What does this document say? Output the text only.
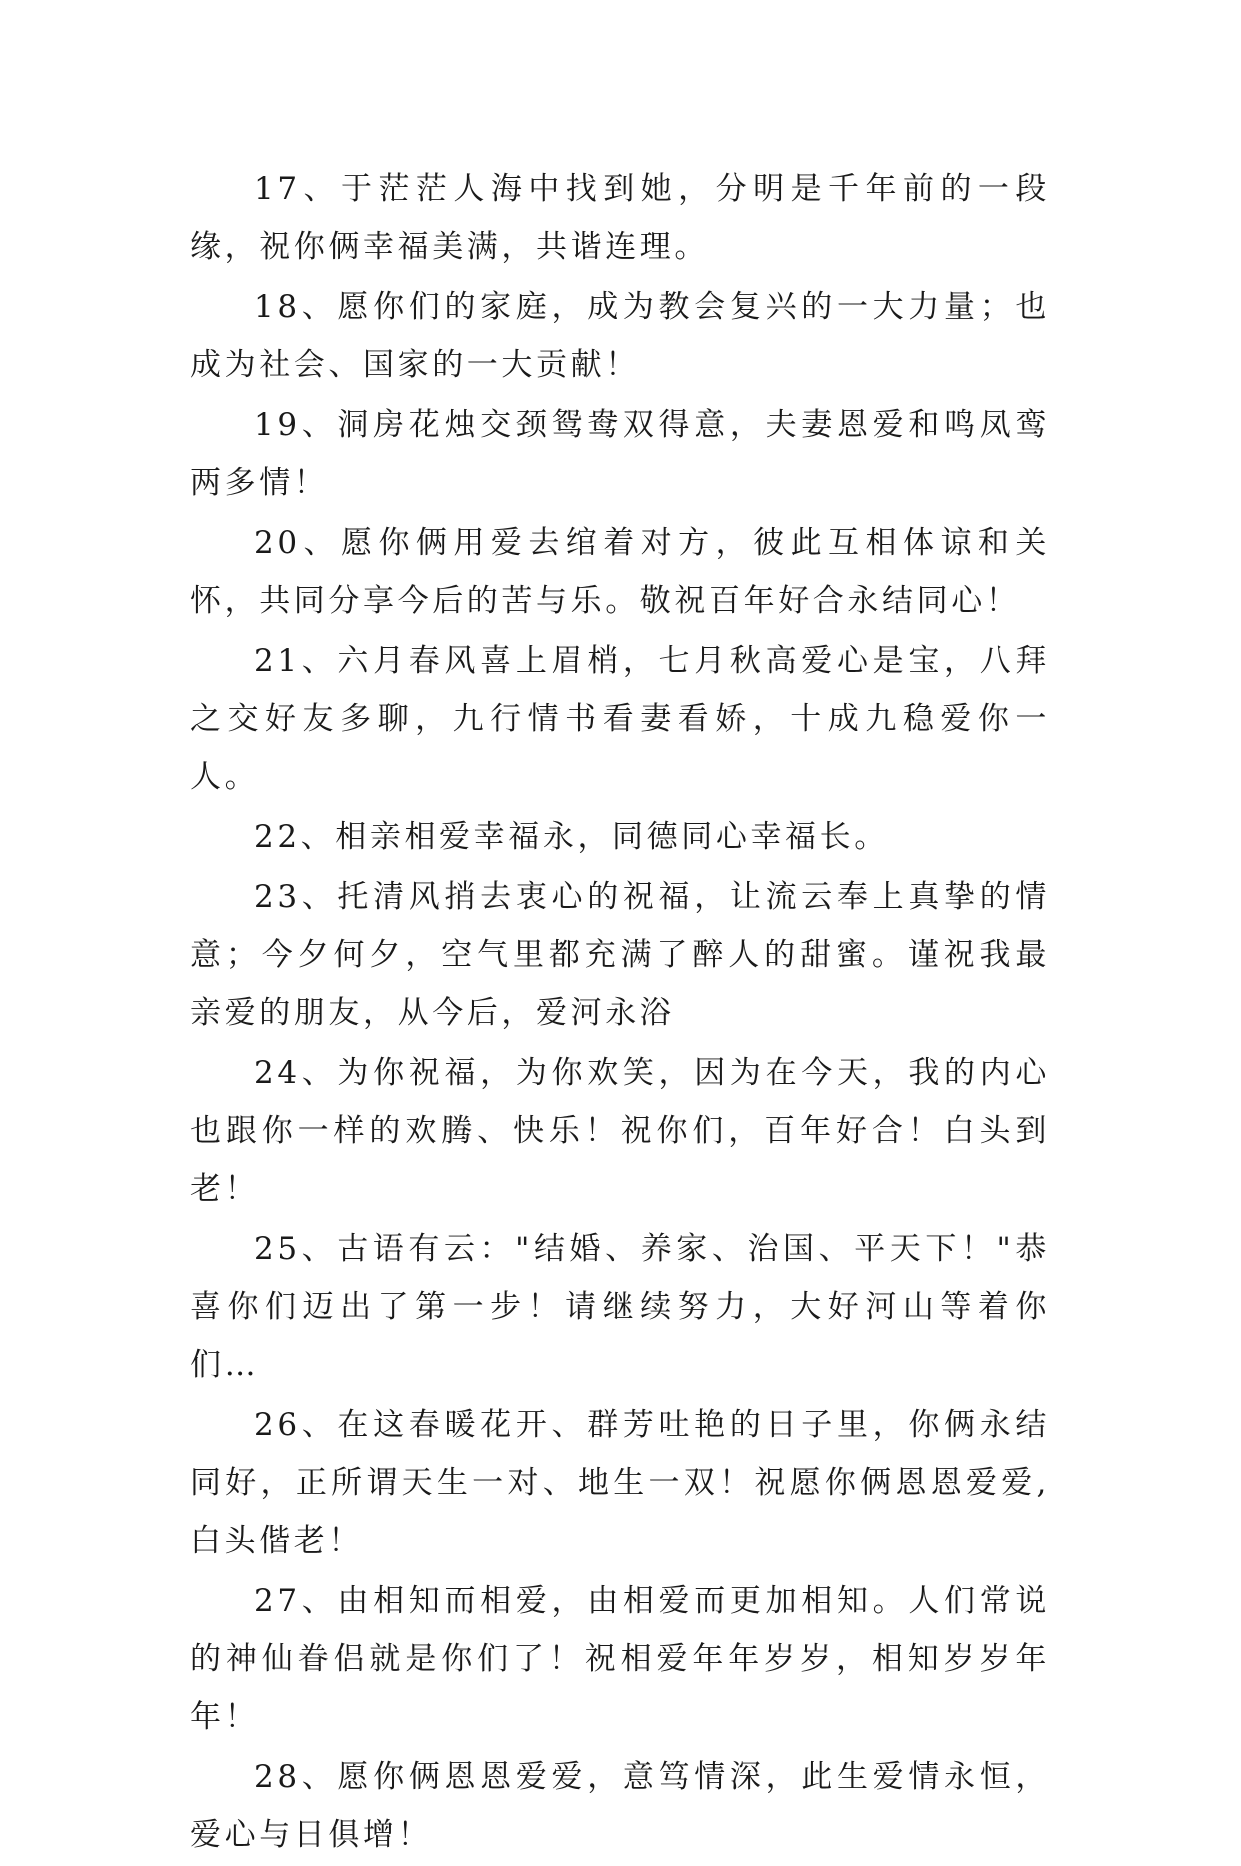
17、于茫茫人海中找到她，分明是千年前的一段缘，祝你俩幸福美满，共谐连理。

18、愿你们的家庭，成为教会复兴的一大力量；也成为社会、国家的一大贡献！

19、洞房花烛交颈鸳鸯双得意，夫妻恩爱和鸣凤鸾两多情！

20、愿你俩用爱去绾着对方，彼此互相体谅和关怀，共同分享今后的苦与乐。敬祝百年好合永结同心！

21、六月春风喜上眉梢，七月秋高爱心是宝，八拜之交好友多聊，九行情书看妻看娇，十成九稳爱你一人。

22、相亲相爱幸福永，同德同心幸福长。

23、托清风捎去衷心的祝福，让流云奉上真挚的情意；今夕何夕，空气里都充满了醉人的甜蜜。谨祝我最亲爱的朋友，从今后，爱河永浴

24、为你祝福，为你欢笑，因为在今天，我的内心也跟你一样的欢腾、快乐！祝你们，百年好合！白头到老！

25、古语有云："结婚、养家、治国、平天下！"恭喜你们迈出了第一步！请继续努力，大好河山等着你们…

26、在这春暖花开、群芳吐艳的日子里，你俩永结同好，正所谓天生一对、地生一双！祝愿你俩恩恩爱爱,白头偕老！

27、由相知而相爱，由相爱而更加相知。人们常说的神仙眷侣就是你们了！祝相爱年年岁岁，相知岁岁年年！

28、愿你俩恩恩爱爱，意笃情深，此生爱情永恒，爱心与日俱增！
